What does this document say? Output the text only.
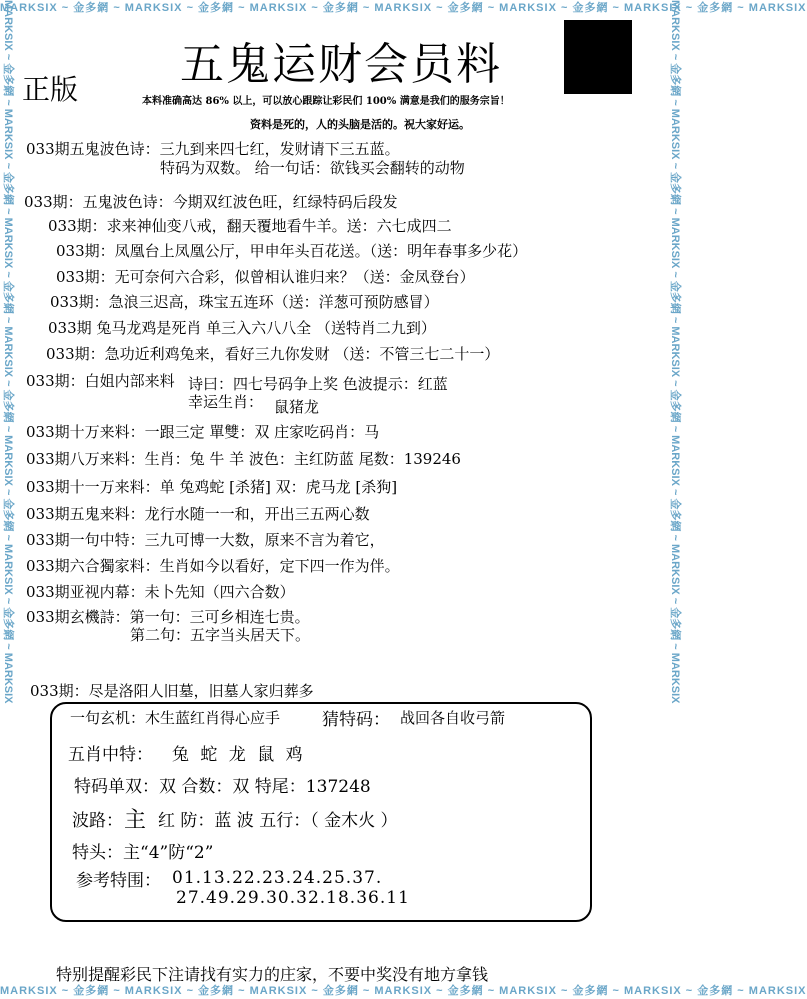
MARKSIX ~ 金多網 ~ MARKSIX ~ 金多網 ~ MARKSIX ~ 金多網 ~ MARKSIX ~ 金多網 ~ MARKSIX ~ 金多網 ~ MARKSIX ~ 金多網 ~ MARKSIX
MARKSIX ~ 金多網 ~ MARKSIX ~ 金多網 ~ MARKSIX ~ 金多網 ~ MARKSIX ~ 金多網 ~ MARKSIX ~ 金多網 ~ MARKSIX ~ 金多網 ~ MARKSIX
MARKSIX ~ 金多網 ~ MARKSIX ~ 金多網 ~ MARKSIX ~ 金多網 ~ MARKSIX ~ 金多網 ~ MARKSIX ~ 金多網 ~ MARKSIX ~ 金多網 ~ MARKSIX	MARKSIX ~ 金多網 ~ MARKSIX ~ 金多網 ~ MARKSIX ~ 金多網 ~ MARKSIX ~ 金多網 ~ MARKSIX ~ 金多網 ~ MARKSIX ~ 金多網 ~ MARKSIX
正版 五鬼运财会员料
本料准确高达 86% 以上，可以放心跟踪让彩民们 100% 满意是我们的服务宗旨！
资料是死的，人的头脑是活的。祝大家好运。
033期五鬼波色诗：三九到来四七红，发财请下三五蓝。
特码为双数。 给一句话：欲钱买会翻转的动物
033期：五鬼波色诗：今期双红波色旺，红绿特码后段发
033期：求来神仙变八戒，翻天覆地看牛羊。送：六七成四二
033期：凤凰台上凤凰公厅，甲申年头百花送。（送：明年春事多少花）
033期：无可奈何六合彩，似曾相认谁归来？（送：金凤登台）
033期：急浪三迟高，珠宝五连环（送：洋葱可预防感冒）
033期 兔马龙鸡是死肖 单三入六八八全 （送特肖二九到）
033期：急功近利鸡兔来，看好三九你发财 （送：不管三七二十一）
033期：白姐内部来料 诗曰：四七号码争上奖 色波提示：红蓝
幸运生肖： 鼠猪龙
033期十万来料：一跟三定 單雙：双 庄家吃码肖：马
033期八万来料：生肖：兔 牛 羊 波色：主红防蓝 尾数：139246
033期十一万来料：单 兔鸡蛇 [杀猪] 双：虎马龙 [杀狗]
033期五鬼来料：龙行水随一一和，开出三五两心数
033期一句中特：三九可博一大数，原来不言为着它，
033期六合獨家料：生肖如今以看好，定下四一作为伴。
033期亚视内幕：未卜先知（四六合数）
033期玄機詩：第一句：三可乡相连七贵。
第二句：五字当头居天下。
033期：尽是洛阳人旧墓，旧墓人家归葬多
一句玄机：木生蓝红肖得心应手 猜特码： 战回各自收弓箭
五肖中特： 兔 蛇 龙 鼠 鸡
特码单双：双 合数：双 特尾：137248
波路： 主 红 防：蓝 波 五行：（ 金木火 ）
特头：主“4”防“2”
参考特围： 01.13.22.23.24.25.37.
27.49.29.30.32.18.36.11
特别提醒彩民下注请找有实力的庄家，不要中奖没有地方拿钱
